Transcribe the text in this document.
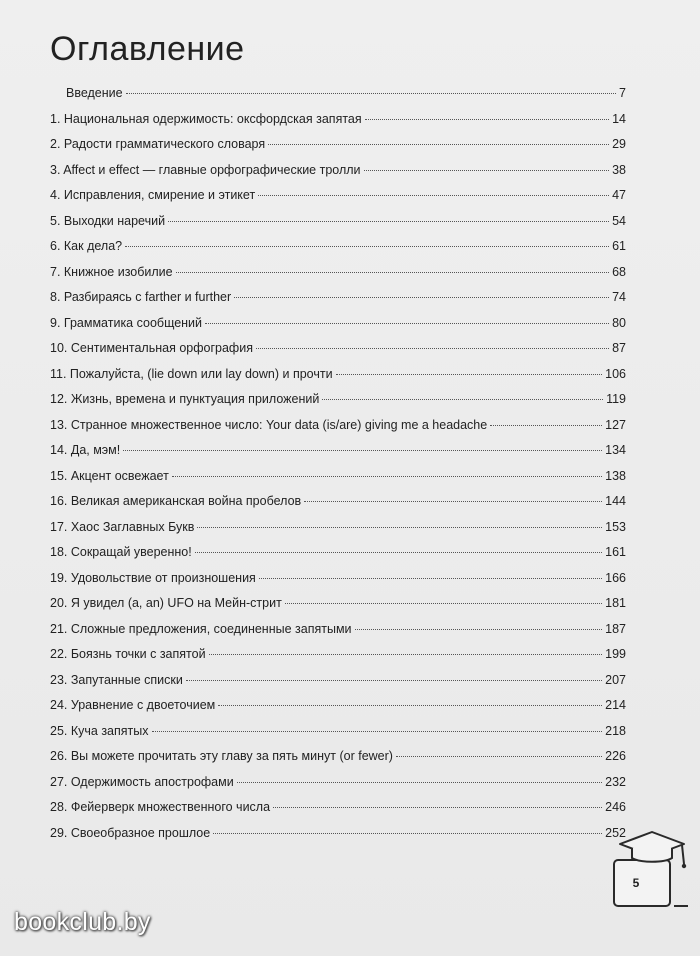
Оглавление
Введение	7
1. Национальная одержимость: оксфордская запятая	14
2. Радости грамматического словаря	29
3. Affect и effect — главные орфографические тролли	38
4. Исправления, смирение и этикет	47
5. Выходки наречий	54
6. Как дела?	61
7. Книжное изобилие	68
8. Разбираясь с farther и further	74
9. Грамматика сообщений	80
10. Сентиментальная орфография	87
11. Пожалуйста, (lie down или lay down) и прочти	106
12. Жизнь, времена и пунктуация приложений	119
13. Странное множественное число: Your data (is/are) giving me a headache	127
14. Да, мэм!	134
15. Акцент освежает	138
16. Великая американская война пробелов	144
17. Хаос Заглавных Букв	153
18. Сокращай уверенно!	161
19. Удовольствие от произношения	166
20. Я увидел (a, an) UFO на Мейн-стрит	181
21. Сложные предложения, соединенные запятыми	187
22. Боязнь точки с запятой	199
23. Запутанные списки	207
24. Уравнение с двоеточием	214
25. Куча запятых	218
26. Вы можете прочитать эту главу за пять минут (or fewer)	226
27. Одержимость апострофами	232
28. Фейерверк множественного числа	246
29. Своеобразное прошлое	252
5
bookclub.by
